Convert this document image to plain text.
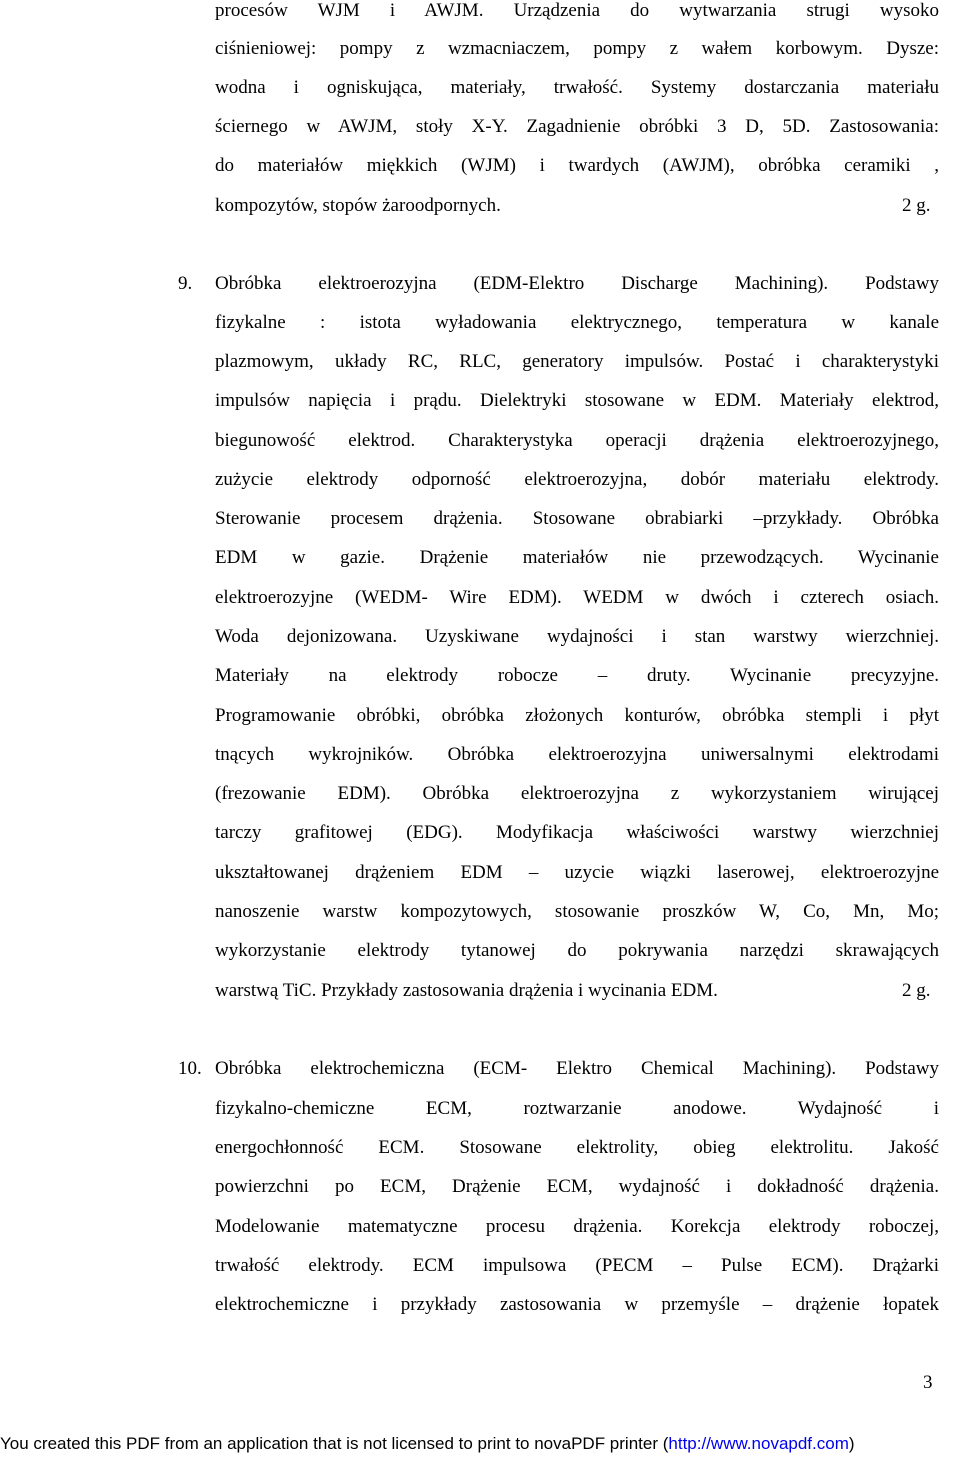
procesów WJM i AWJM. Urządzenia do wytwarzania strugi wysoko
ciśnieniowej: pompy z wzmacniaczem, pompy z wałem korbowym. Dysze:
wodna i ogniskująca, materiały, trwałość. Systemy dostarczania materiału
ściernego w AWJM, stoły X-Y. Zagadnienie obróbki 3 D, 5D. Zastosowania:
do materiałów miękkich (WJM) i twardych (AWJM), obróbka ceramiki ,
kompozytów, stopów żaroodpornych.	2 g.
9. Obróbka elektroerozyjna (EDM-Elektro Discharge Machining). Podstawy
fizykalne : istota wyładowania elektrycznego, temperatura w kanale
plazmowym, układy RC, RLC, generatory impulsów. Postać i charakterystyki
impulsów napięcia i prądu. Dielektryki stosowane w EDM. Materiały elektrod,
biegunowość elektrod. Charakterystyka operacji drążenia elektroerozyjnego,
zużycie elektrody odporność elektroerozyjna, dobór materiału elektrody.
Sterowanie procesem drążenia. Stosowane obrabiarki –przykłady. Obróbka
EDM w gazie. Drążenie materiałów nie przewodzących. Wycinanie
elektroerozyjne (WEDM- Wire EDM). WEDM w dwóch i czterech osiach.
Woda dejonizowana. Uzyskiwane wydajności i stan warstwy wierzchniej.
Materiały na elektrody robocze – druty. Wycinanie precyzyjne.
Programowanie obróbki, obróbka złożonych konturów, obróbka stempli i płyt
tnących wykrojników. Obróbka elektroerozyjna uniwersalnymi elektrodami
(frezowanie EDM). Obróbka elektroerozyjna z wykorzystaniem wirującej
tarczy grafitowej (EDG). Modyfikacja właściwości warstwy wierzchniej
ukształtowanej drążeniem EDM – uzycie wiązki laserowej, elektroerozyjne
nanoszenie warstw kompozytowych, stosowanie proszków W, Co, Mn, Mo;
wykorzystanie elektrody tytanowej do pokrywania narzędzi skrawających
warstwą TiC. Przykłady zastosowania drążenia i wycinania EDM.	2 g.
10. Obróbka elektrochemiczna (ECM- Elektro Chemical Machining). Podstawy
fizykalno-chemiczne ECM, roztwarzanie anodowe. Wydajność i
energochłonność ECM. Stosowane elektrolity, obieg elektrolitu. Jakość
powierzchni po ECM, Drążenie ECM, wydajność i dokładność drążenia.
Modelowanie matematyczne procesu drążenia. Korekcja elektrody roboczej,
trwałość elektrody. ECM impulsowa (PECM – Pulse ECM). Drążarki
elektrochemiczne i przykłady zastosowania w przemyśle – drążenie łopatek
3
You created this PDF from an application that is not licensed to print to novaPDF printer (http://www.novapdf.com)
